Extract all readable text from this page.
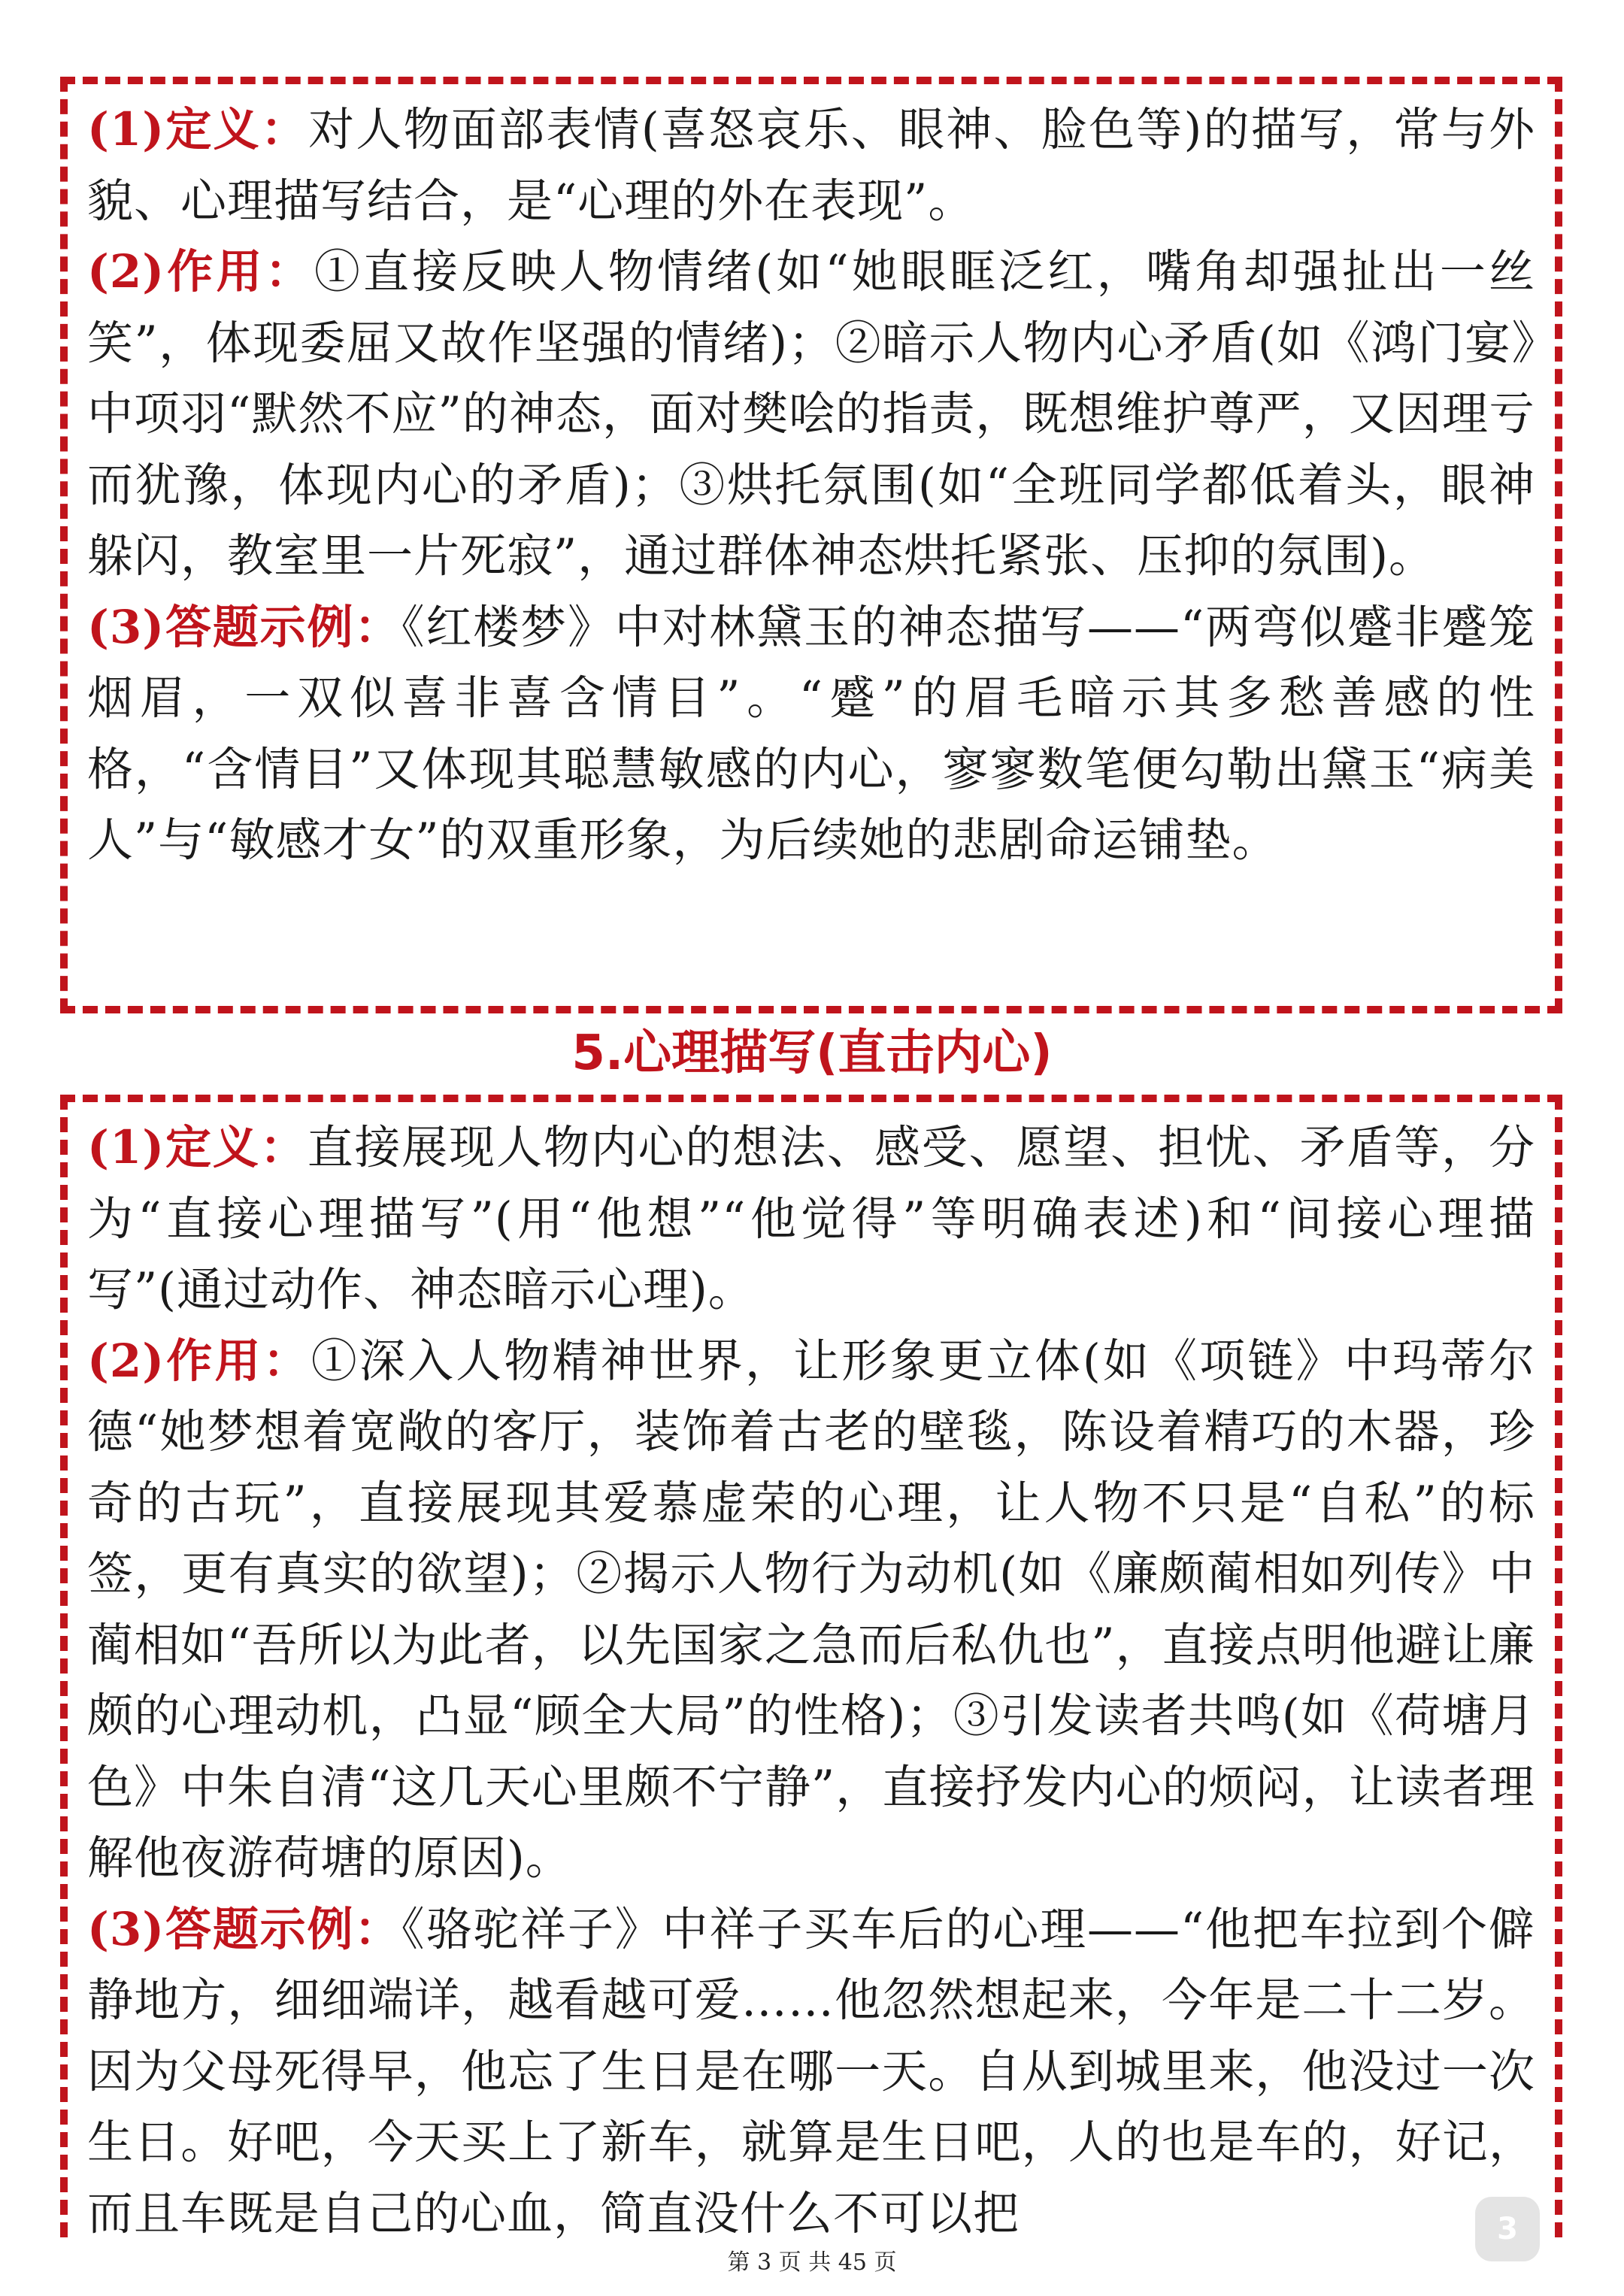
(1)定义：对人物面部表情(喜怒哀乐、眼神、脸色等)的描写，常与外貌、心理描写结合，是“心理的外在表现”。

(2)作用：①直接反映人物情绪(如“她眼眶泛红，嘴角却强扯出一丝笑”，体现委屈又故作坚强的情绪)；②暗示人物内心矛盾(如《鸿门宴》中项羽“默然不应”的神态，面对樊哙的指责，既想维护尊严，又因理亏而犹豫，体现内心的矛盾)；③烘托氛围(如“全班同学都低着头，眼神躲闪，教室里一片死寂”，通过群体神态烘托紧张、压抑的氛围)。

(3)答题示例：《红楼梦》中对林黛玉的神态描写——“两弯似蹙非蹙笼烟眉，一双似喜非喜含情目”。“蹙”的眉毛暗示其多愁善感的性格，“含情目”又体现其聪慧敏感的内心，寥寥数笔便勾勒出黛玉“病美人”与“敏感才女”的双重形象，为后续她的悲剧命运铺垫。

5.心理描写(直击内心)

(1)定义：直接展现人物内心的想法、感受、愿望、担忧、矛盾等，分为“直接心理描写”(用“他想”“他觉得”等明确表述)和“间接心理描写”(通过动作、神态暗示心理)。

(2)作用：①深入人物精神世界，让形象更立体(如《项链》中玛蒂尔德“她梦想着宽敞的客厅，装饰着古老的壁毯，陈设着精巧的木器，珍奇的古玩”，直接展现其爱慕虚荣的心理，让人物不只是“自私”的标签，更有真实的欲望)；②揭示人物行为动机(如《廉颇蔺相如列传》中蔺相如“吾所以为此者，以先国家之急而后私仇也”，直接点明他避让廉颇的心理动机，凸显“顾全大局”的性格)；③引发读者共鸣(如《荷塘月色》中朱自清“这几天心里颇不宁静”，直接抒发内心的烦闷，让读者理解他夜游荷塘的原因)。

(3)答题示例：《骆驼祥子》中祥子买车后的心理——“他把车拉到个僻静地方，细细端详，越看越可爱……他忽然想起来，今年是二十二岁。因为父母死得早，他忘了生日是在哪一天。自从到城里来，他没过一次生日。好吧，今天买上了新车，就算是生日吧，人的也是车的，好记，而且车既是自己的心血，简直没什么不可以把

第 3 页 共 45 页
3
